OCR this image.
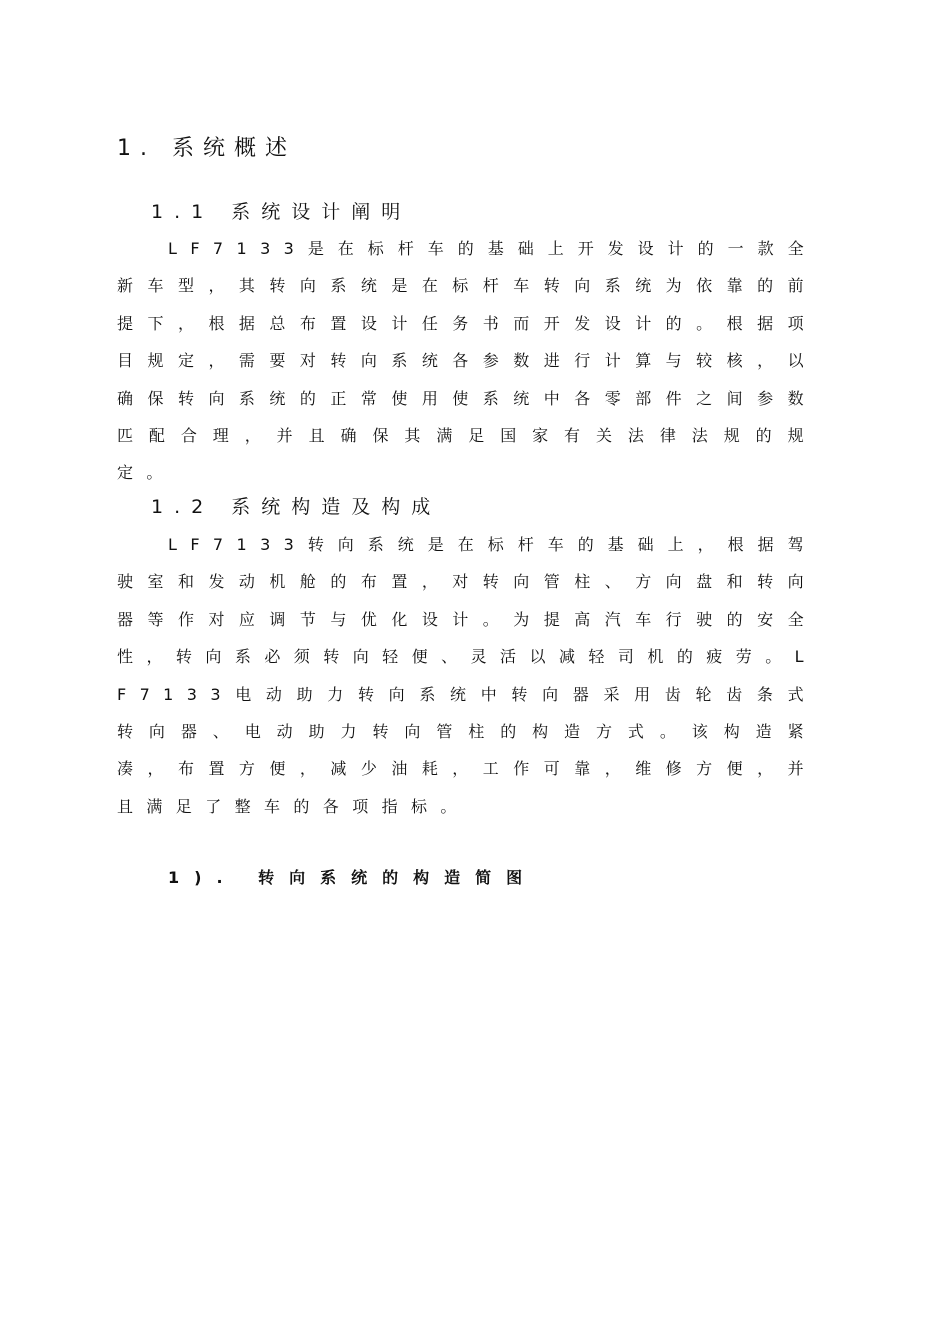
1. 系统概述
1.1 系统设计阐明
LF7133是在标杆车的基础上开发设计的一款全新车型，其转向系统是在标杆车转向系统为依靠的前提下，根据总布置设计任务书而开发设计的。根据项目规定，需要对转向系统各参数进行计算与较核，以确保转向系统的正常使用使系统中各零部件之间参数匹配合理，并且确保其满足国家有关法律法规的规定。
1.2 系统构造及构成
LF7133转向系统是在标杆车的基础上，根据驾驶室和发动机舱的布置，对转向管柱、方向盘和转向器等作对应调节与优化设计。为提高汽车行驶的安全性，转向系必须转向轻便、灵活以减轻司机的疲劳。LF7133电动助力转向系统中转向器采用齿轮齿条式转向器、电动助力转向管柱的构造方式。该构造紧凑，布置方便，减少油耗，工作可靠，维修方便，并且满足了整车的各项指标。
1). 转向系统的构造简图
